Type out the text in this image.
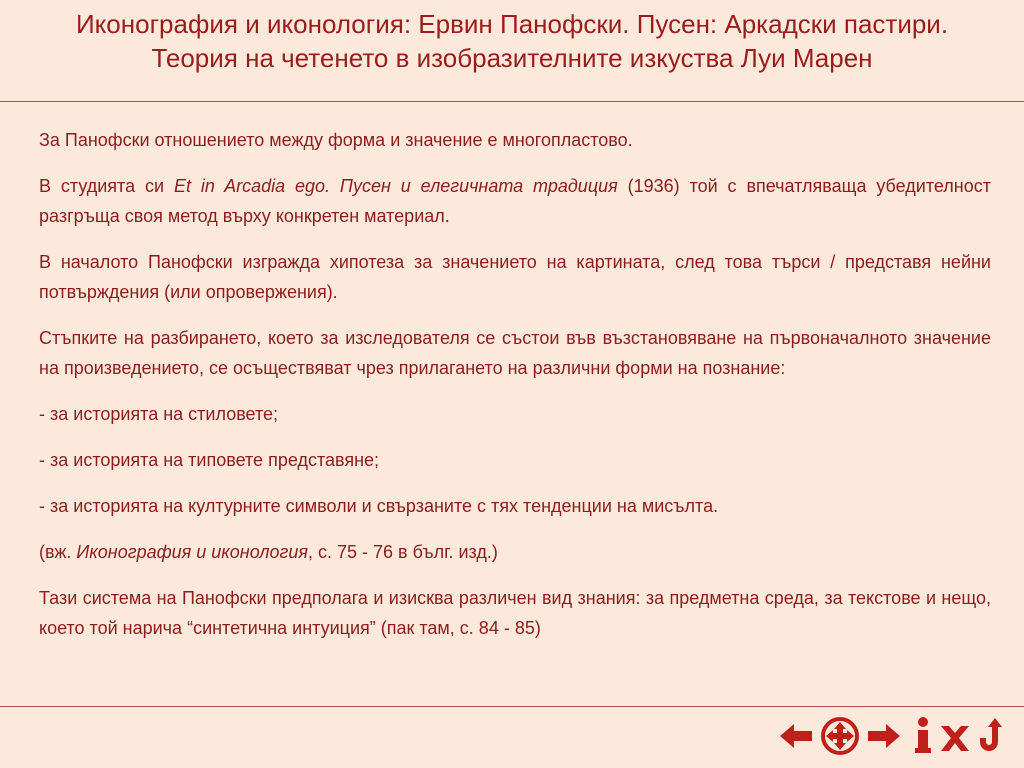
Иконография и иконология: Ервин Панофски. Пусен: Аркадски пастири.
Теория на четенето в изобразителните изкуства Луи Марен

За Панофски отношението между форма и значение е многопластово.

В студията си Et in Arcadia ego. Пусен и елегичната традиция (1936) той с впечатляваща убедителност разгръща своя метод върху конкретен материал.

В началото Панофски изгражда хипотеза за значението на картината, след това търси / представя нейни потвърждения (или опровержения).

Стъпките на разбирането, което за изследователя се състои във възстановяване на първоначалното значение на произведението, се осъществяват чрез прилагането на различни форми на познание:

- за историята на стиловете;

- за историята на типовете представяне;

- за историята на културните символи и свързаните с тях тенденции на мисълта.

(вж. Иконография и иконология, с. 75 - 76 в бълг. изд.)

Тази система на Панофски предполага и изисква различен вид знания: за предметна среда, за текстове и нещо, което той нарича “синтетична интуиция” (пак там, с. 84 - 85)
